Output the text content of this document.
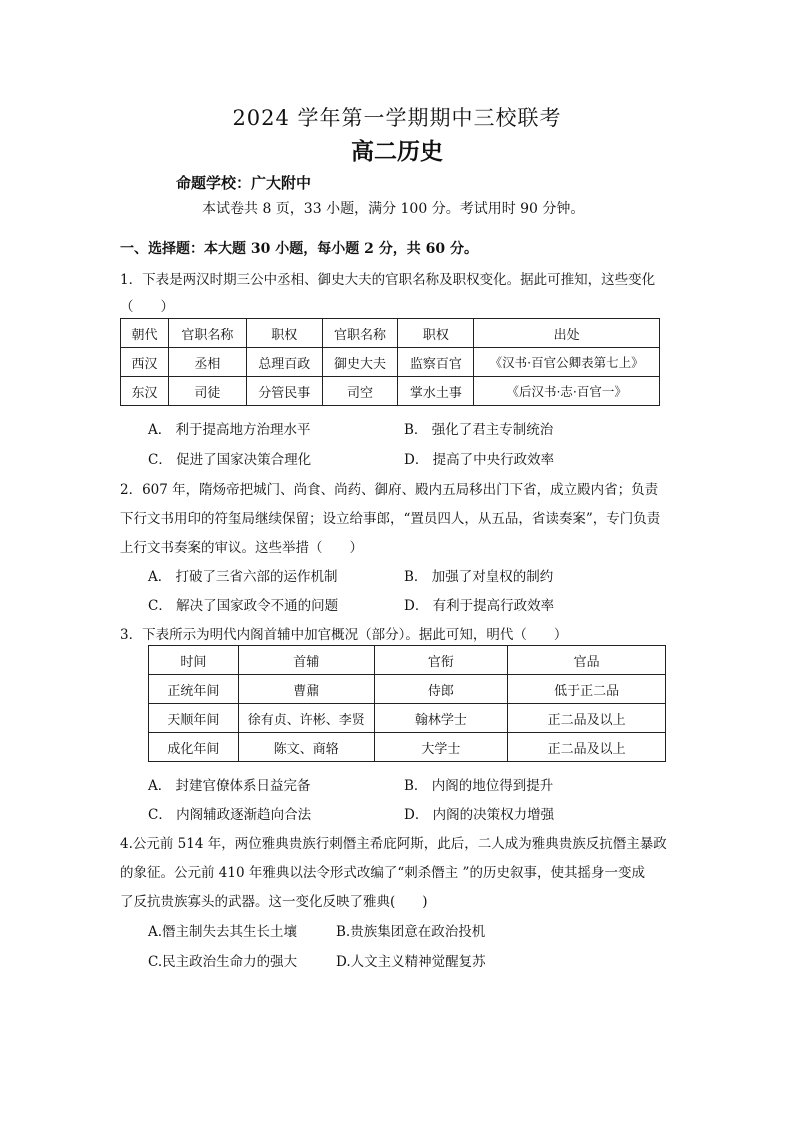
2024 学年第一学期期中三校联考
高二历史
命题学校：广大附中
本试卷共 8 页，33 小题，满分 100 分。考试用时 90 分钟。
一、选择题：本大题 30 小题，每小题 2 分，共 60 分。
1．下表是两汉时期三公中丞相、御史大夫的官职名称及职权变化。据此可推知，这些变化
（　　）
朝代	官职名称	职权	官职名称	职权	出处
西汉	丞相	总理百政	御史大夫	监察百官	《汉书·百官公卿表第七上》
东汉	司徒	分管民事	司空	掌水土事	《后汉书·志·百官一》
A． 利于提高地方治理水平	B． 强化了君主专制统治
C． 促进了国家决策合理化	D． 提高了中央行政效率
2．607 年，隋炀帝把城门、尚食、尚药、御府、殿内五局移出门下省，成立殿内省；负责
下行文书用印的符玺局继续保留；设立给事郎，“置员四人，从五品，省读奏案”，专门负责
上行文书奏案的审议。这些举措（　　）
A． 打破了三省六部的运作机制	B． 加强了对皇权的制约
C． 解决了国家政令不通的问题	D． 有利于提高行政效率
3．下表所示为明代内阁首辅中加官概况（部分）。据此可知，明代（　　）
时间	首辅	官衔	官品
正统年间	曹鼐	侍郎	低于正二品
天顺年间	徐有贞、许彬、李贤	翰林学士	正二品及以上
成化年间	陈文、商辂	大学士	正二品及以上
A． 封建官僚体系日益完备	B． 内阁的地位得到提升
C． 内阁辅政逐渐趋向合法	D． 内阁的决策权力增强
4.公元前 514 年，两位雅典贵族行刺僭主希庇阿斯，此后，二人成为雅典贵族反抗僭主暴政
的象征。公元前 410 年雅典以法令形式改编了“刺杀僭主 ”的历史叙事，使其摇身一变成
了反抗贵族寡头的武器。这一变化反映了雅典(　　)
A.僭主制失去其生长土壤	B.贵族集团意在政治投机
C.民主政治生命力的强大	D.人文主义精神觉醒复苏
